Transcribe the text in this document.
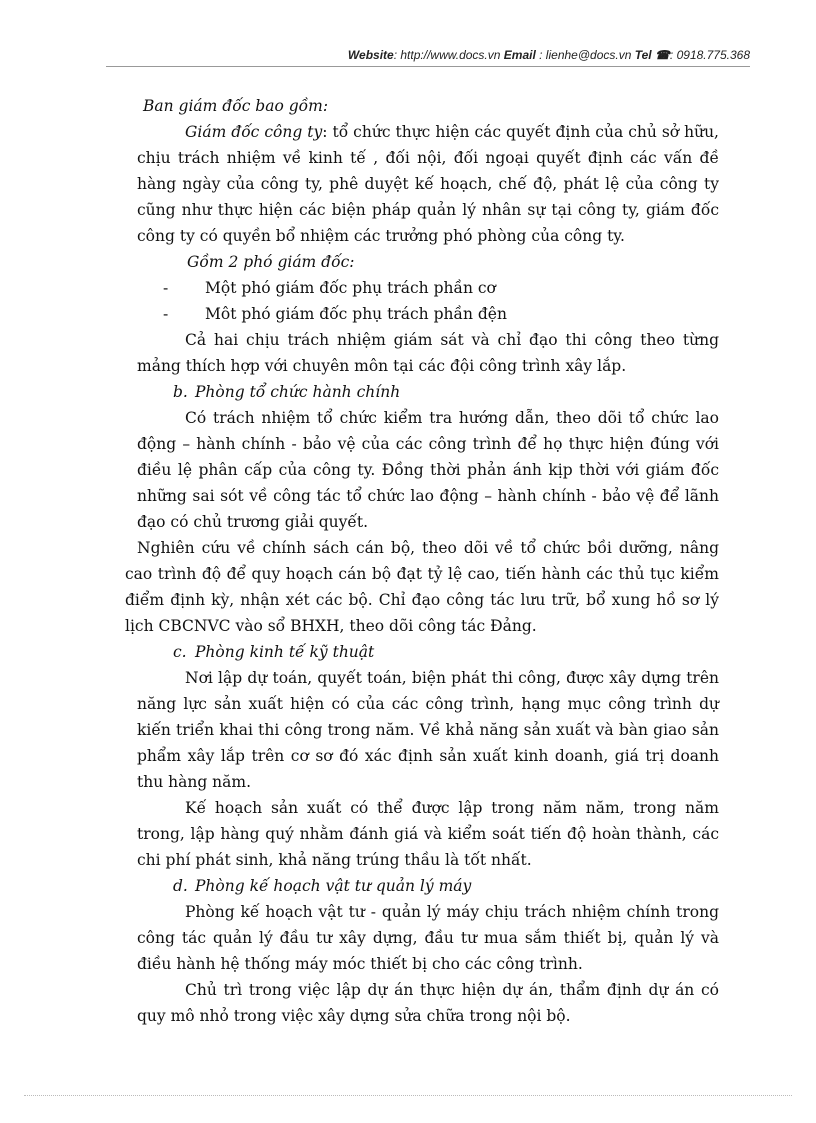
Website: http://www.docs.vn Email : lienhe@docs.vn Tel ☎: 0918.775.368

Ban giám đốc bao gồm:

Giám đốc công ty: tổ chức thực hiện các quyết định của chủ sở hữu, chịu trách nhiệm về kinh tế , đối nội, đối ngoại quyết định các vấn đề hàng ngày của công ty, phê duyệt kế hoạch, chế độ, phát lệ của công ty cũng như thực hiện các biện pháp quản lý nhân sự tại công ty, giám đốc công ty có quyền bổ nhiệm các trưởng phó phòng của công ty.

Gồm 2 phó giám đốc:

- Một phó giám đốc phụ trách phần cơ

- Môt phó giám đốc phụ trách phần đện

Cả hai chịu trách nhiệm giám sát và chỉ đạo thi công theo từng mảng thích hợp với chuyên môn tại các đội công trình xây lắp.

b. Phòng tổ chức hành chính

Có trách nhiệm tổ chức kiểm tra hướng dẫn, theo dõi tổ chức lao động – hành chính - bảo vệ của các công trình để họ thực hiện đúng với điều lệ phân cấp của công ty. Đồng thời phản ánh kịp thời với giám đốc những sai sót về công tác tổ chức lao động – hành chính - bảo vệ để lãnh đạo có chủ trương giải quyết.

Nghiên cứu về chính sách cán bộ, theo dõi về tổ chức bồi dưỡng, nâng cao trình độ để quy hoạch cán bộ đạt tỷ lệ cao, tiến hành các thủ tục kiểm điểm định kỳ, nhận xét các bộ. Chỉ đạo công tác lưu trữ, bổ xung hồ sơ lý lịch CBCNVC vào sổ BHXH, theo dõi công tác Đảng.

c. Phòng kinh tế kỹ thuật

Nơi lập dự toán, quyết toán, biện phát thi công, được xây dựng trên năng lực sản xuất hiện có của các công trình, hạng mục công trình dự kiến triển khai thi công trong năm. Về khả năng sản xuất và bàn giao sản phẩm xây lắp trên cơ sơ đó xác định sản xuất kinh doanh, giá trị doanh thu hàng năm.

Kế hoạch sản xuất có thể được lập trong năm năm, trong năm trong, lập hàng quý nhằm đánh giá và kiểm soát tiến độ hoàn thành, các chi phí phát sinh, khả năng trúng thầu là tốt nhất.

d. Phòng kế hoạch vật tư quản lý máy

Phòng kế hoạch vật tư - quản lý máy chịu trách nhiệm chính trong công tác quản lý đầu tư xây dựng, đầu tư mua sắm thiết bị, quản lý và điều hành hệ thống máy móc thiết bị cho các công trình.

Chủ trì trong việc lập dự án thực hiện dự án, thẩm định dự án có quy mô nhỏ trong việc xây dựng sửa chữa trong nội bộ.
